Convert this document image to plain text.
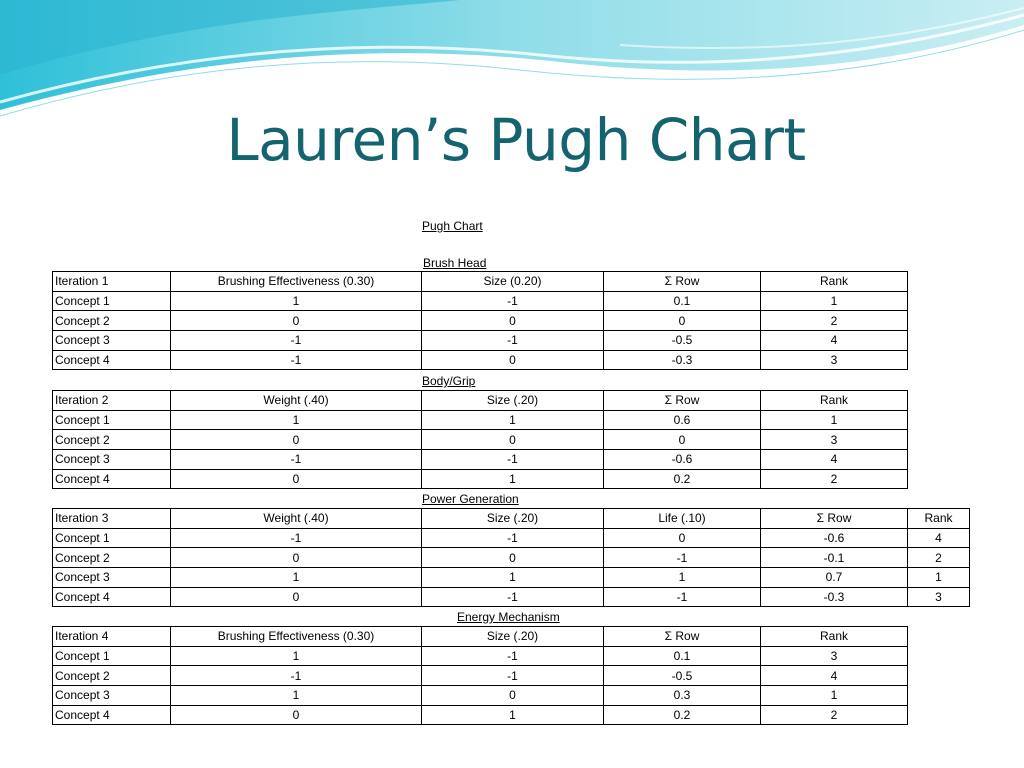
Lauren’s Pugh Chart
Pugh Chart
Brush Head
Iteration 1	Brushing Effectiveness (0.30)	Size (0.20)	Σ Row	Rank
Concept 1	1	-1	0.1	1
Concept 2	0	0	0	2
Concept 3	-1	-1	-0.5	4
Concept 4	-1	0	-0.3	3
Body/Grip
Iteration 2	Weight (.40)	Size (.20)	Σ Row	Rank
Concept 1	1	1	0.6	1
Concept 2	0	0	0	3
Concept 3	-1	-1	-0.6	4
Concept 4	0	1	0.2	2
Power Generation
Iteration 3	Weight (.40)	Size (.20)	Life (.10)	Σ Row	Rank
Concept 1	-1	-1	0	-0.6	4
Concept 2	0	0	-1	-0.1	2
Concept 3	1	1	1	0.7	1
Concept 4	0	-1	-1	-0.3	3
Energy Mechanism
Iteration 4	Brushing Effectiveness (0.30)	Size (.20)	Σ Row	Rank
Concept 1	1	-1	0.1	3
Concept 2	-1	-1	-0.5	4
Concept 3	1	0	0.3	1
Concept 4	0	1	0.2	2
